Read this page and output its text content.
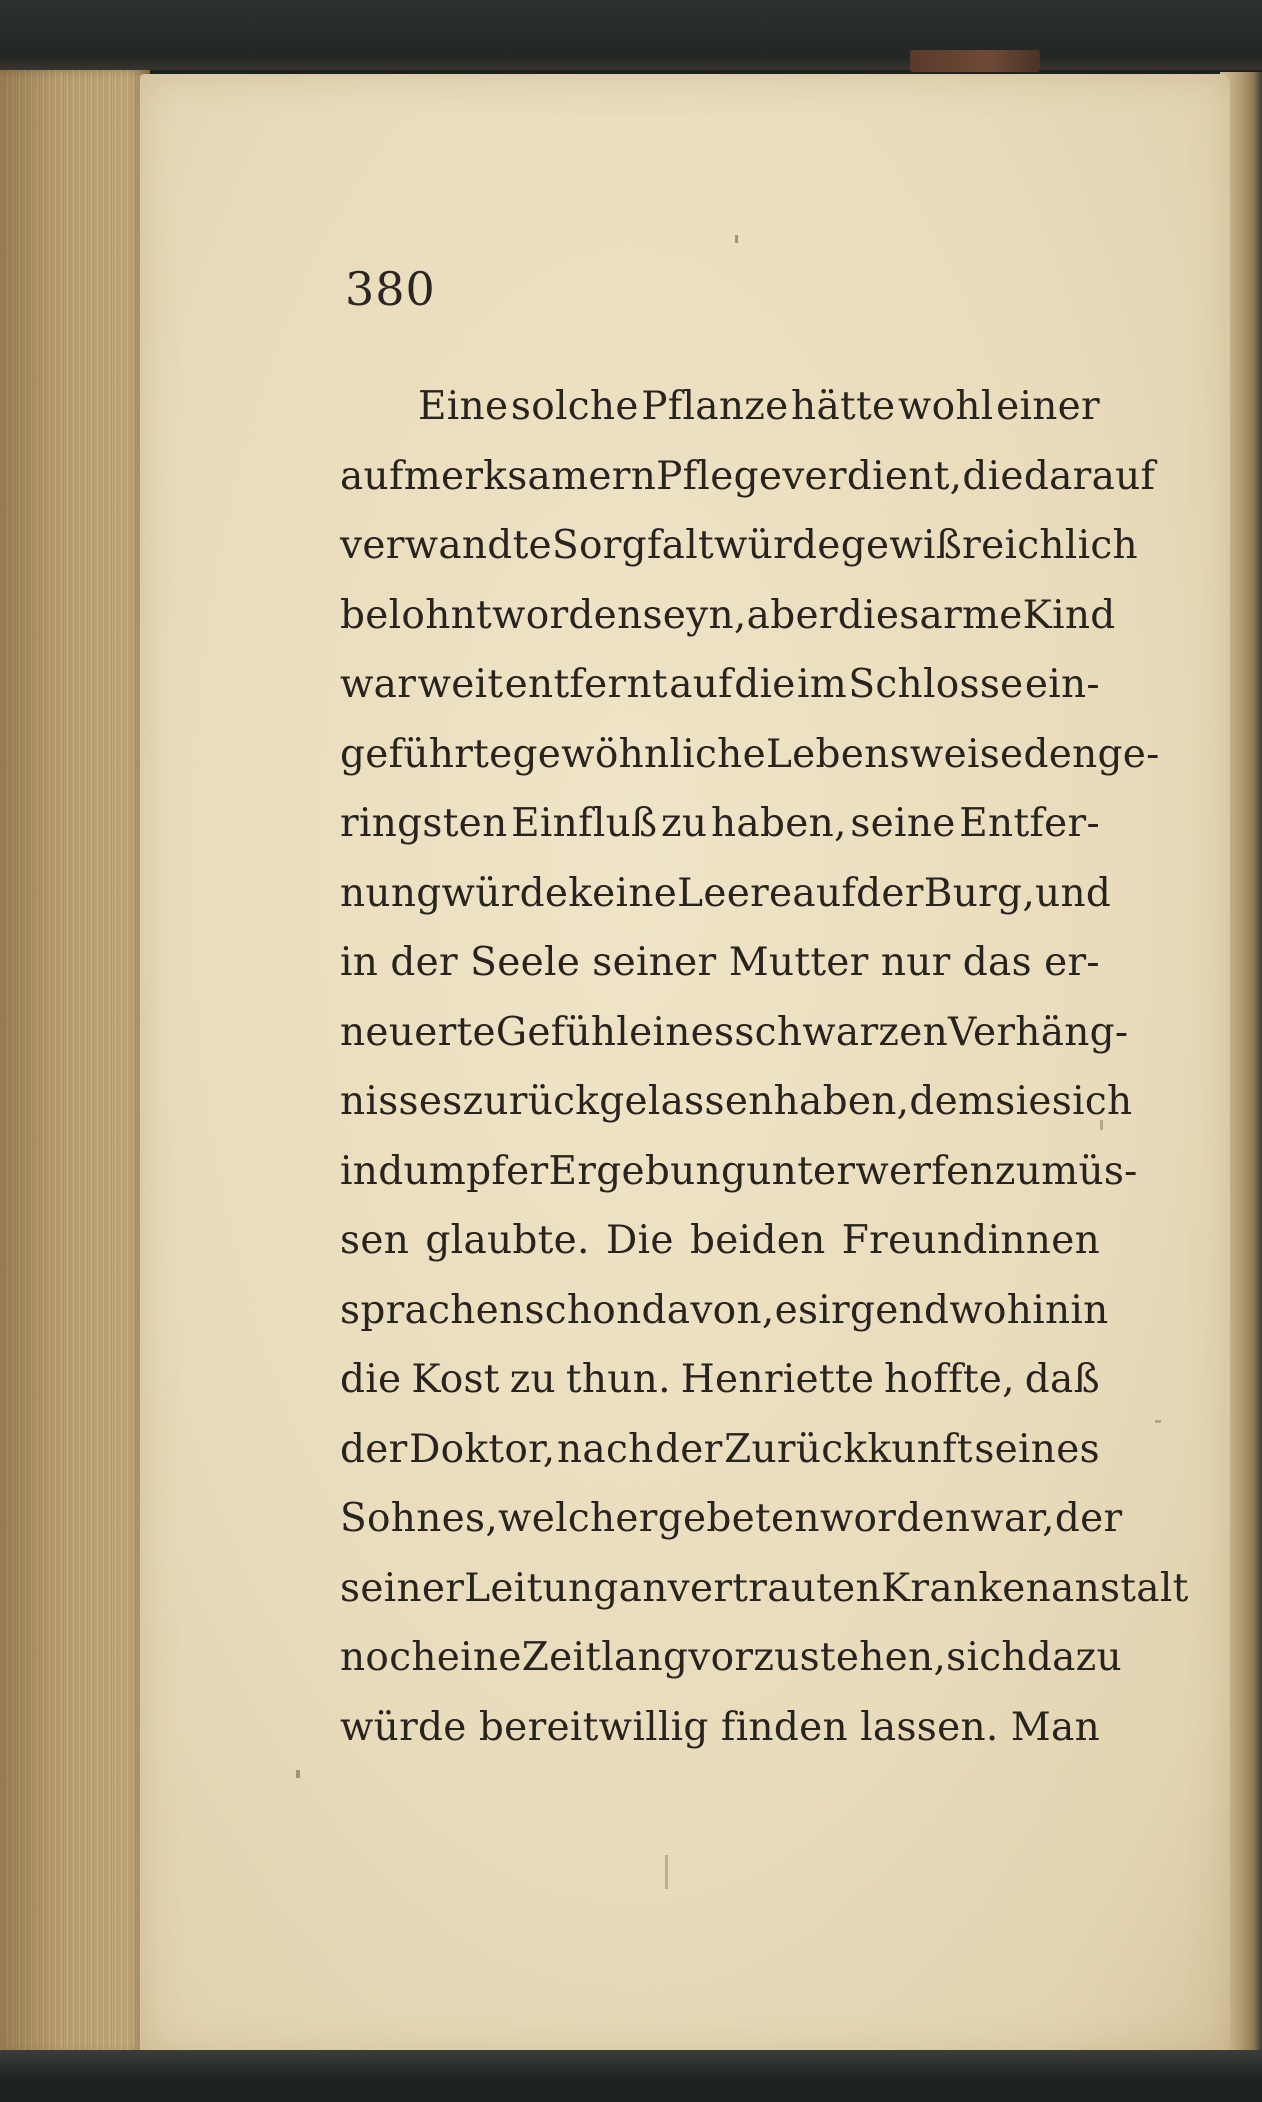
380
Eine solche Pflanze hätte wohl einer
aufmerksamern Pflege verdient, die darauf
verwandte Sorgfalt würde gewiß reichlich
belohnt worden seyn, aber dies arme Kind
war weit entfernt auf die im Schlosse ein-
geführte gewöhnliche Lebensweise den ge-
ringsten Einfluß zu haben, seine Entfer-
nung würde keine Leere auf der Burg, und
in der Seele seiner Mutter nur das er-
neuerte Gefühl eines schwarzen Verhäng-
nisses zurückgelassen haben, dem sie sich
in dumpfer Ergebung unterwerfen zu müs-
sen glaubte. Die beiden Freundinnen
sprachen schon davon, es irgend wohin in
die Kost zu thun. Henriette hoffte, daß
der Doktor, nach der Zurückkunft seines
Sohnes, welcher gebeten worden war, der
seiner Leitung anvertrauten Krankenanstalt
noch eine Zeit lang vorzustehen, sich dazu
würde bereitwillig finden lassen. Man
